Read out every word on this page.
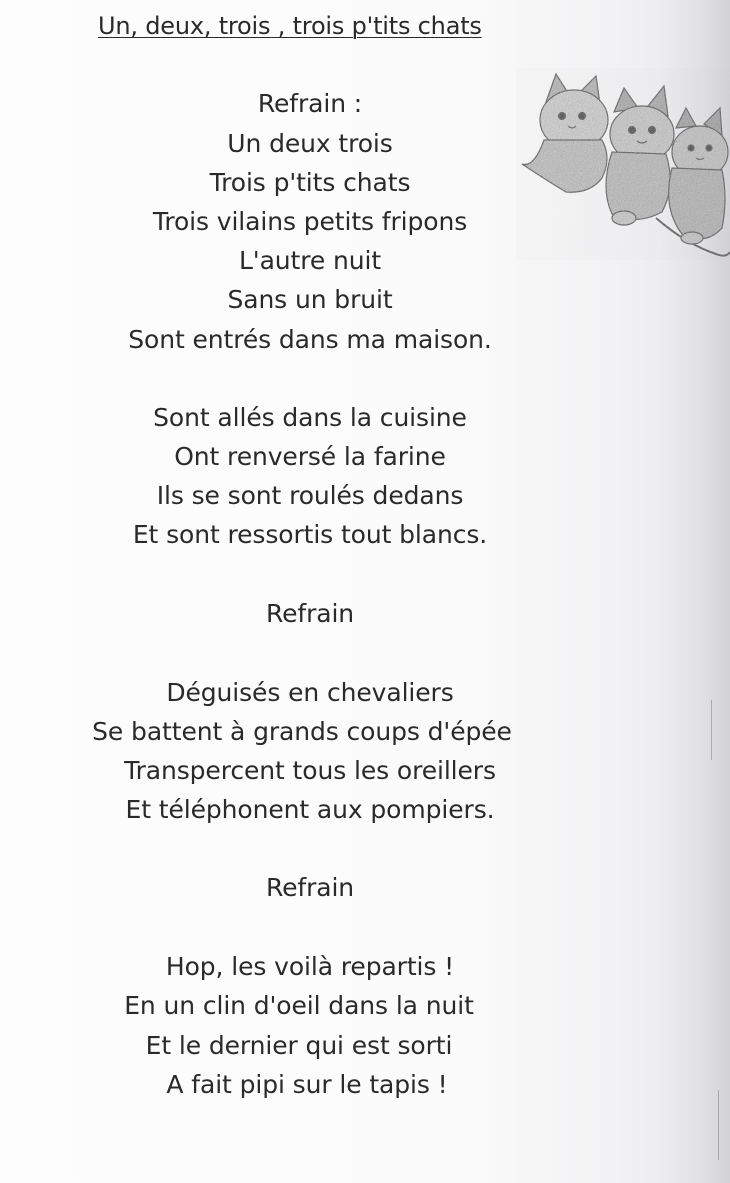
Un, deux, trois , trois p'tits chats
Refrain :
Un deux trois
Trois p'tits chats
Trois vilains petits fripons
L'autre nuit
Sans un bruit
Sont entrés dans ma maison.
Sont allés dans la cuisine
Ont renversé la farine
Ils se sont roulés dedans
Et sont ressortis tout blancs.
Refrain
Déguisés en chevaliers
Se battent à grands coups d'épée
Transpercent tous les oreillers
Et téléphonent aux pompiers.
Refrain
Hop, les voilà repartis !
En un clin d'oeil dans la nuit
Et le dernier qui est sorti
A fait pipi sur le tapis !
